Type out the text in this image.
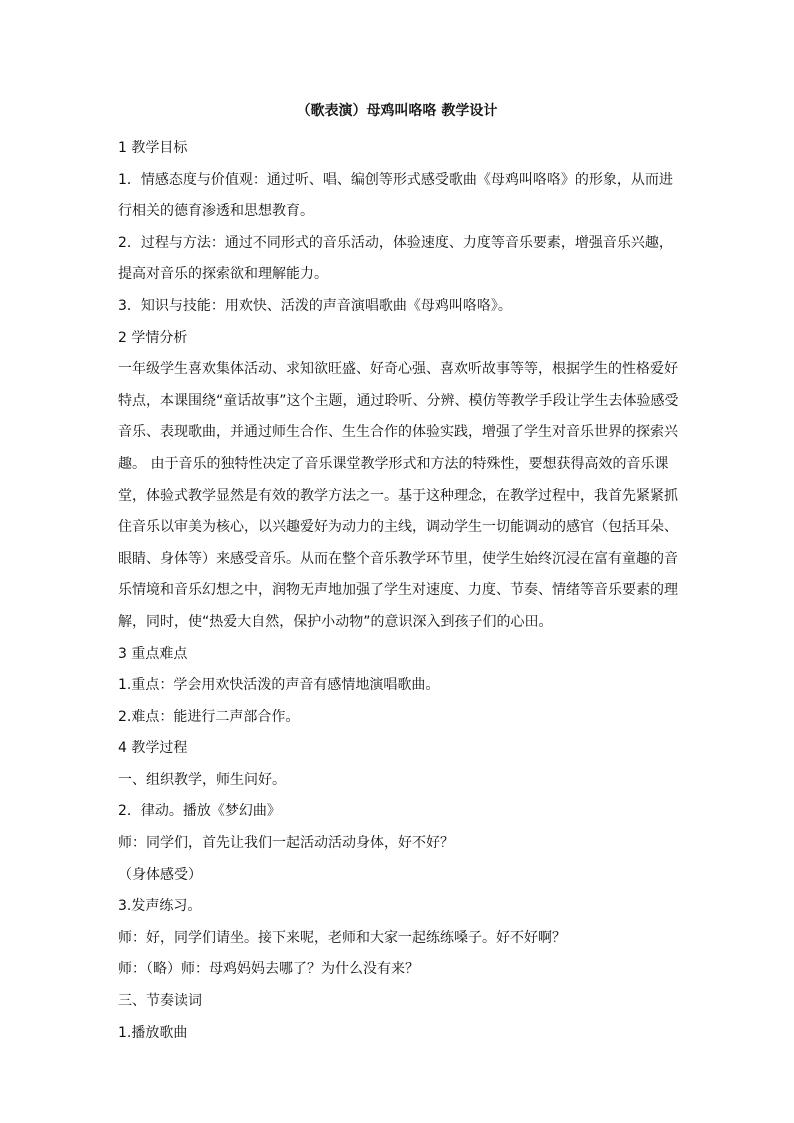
（歌表演）母鸡叫咯咯 教学设计
1 教学目标
1．情感态度与价值观：通过听、唱、编创等形式感受歌曲《母鸡叫咯咯》的形象，从而进
行相关的德育渗透和思想教育。
2．过程与方法：通过不同形式的音乐活动，体验速度、力度等音乐要素，增强音乐兴趣，
提高对音乐的探索欲和理解能力。
3．知识与技能：用欢快、活泼的声音演唱歌曲《母鸡叫咯咯》。
2 学情分析
一年级学生喜欢集体活动、求知欲旺盛、好奇心强、喜欢听故事等等，根据学生的性格爱好
特点，本课围绕“童话故事”这个主题，通过聆听、分辨、模仿等教学手段让学生去体验感受
音乐、表现歌曲，并通过师生合作、生生合作的体验实践，增强了学生对音乐世界的探索兴
趣。 由于音乐的独特性决定了音乐课堂教学形式和方法的特殊性，要想获得高效的音乐课
堂，体验式教学显然是有效的教学方法之一。基于这种理念，在教学过程中，我首先紧紧抓
住音乐以审美为核心，以兴趣爱好为动力的主线，调动学生一切能调动的感官（包括耳朵、
眼睛、身体等）来感受音乐。从而在整个音乐教学环节里，使学生始终沉浸在富有童趣的音
乐情境和音乐幻想之中，润物无声地加强了学生对速度、力度、节奏、情绪等音乐要素的理
解，同时，使“热爱大自然，保护小动物”的意识深入到孩子们的心田。
3 重点难点
1.重点：学会用欢快活泼的声音有感情地演唱歌曲。
2.难点：能进行二声部合作。
4 教学过程
一、组织教学，师生问好。
2．律动。播放《梦幻曲》
师：同学们，首先让我们一起活动活动身体，好不好？
（身体感受）
3.发声练习。
师：好，同学们请坐。接下来呢，老师和大家一起练练嗓子。好不好啊？
师：（略）师：母鸡妈妈去哪了？为什么没有来？
三、节奏读词
1.播放歌曲
